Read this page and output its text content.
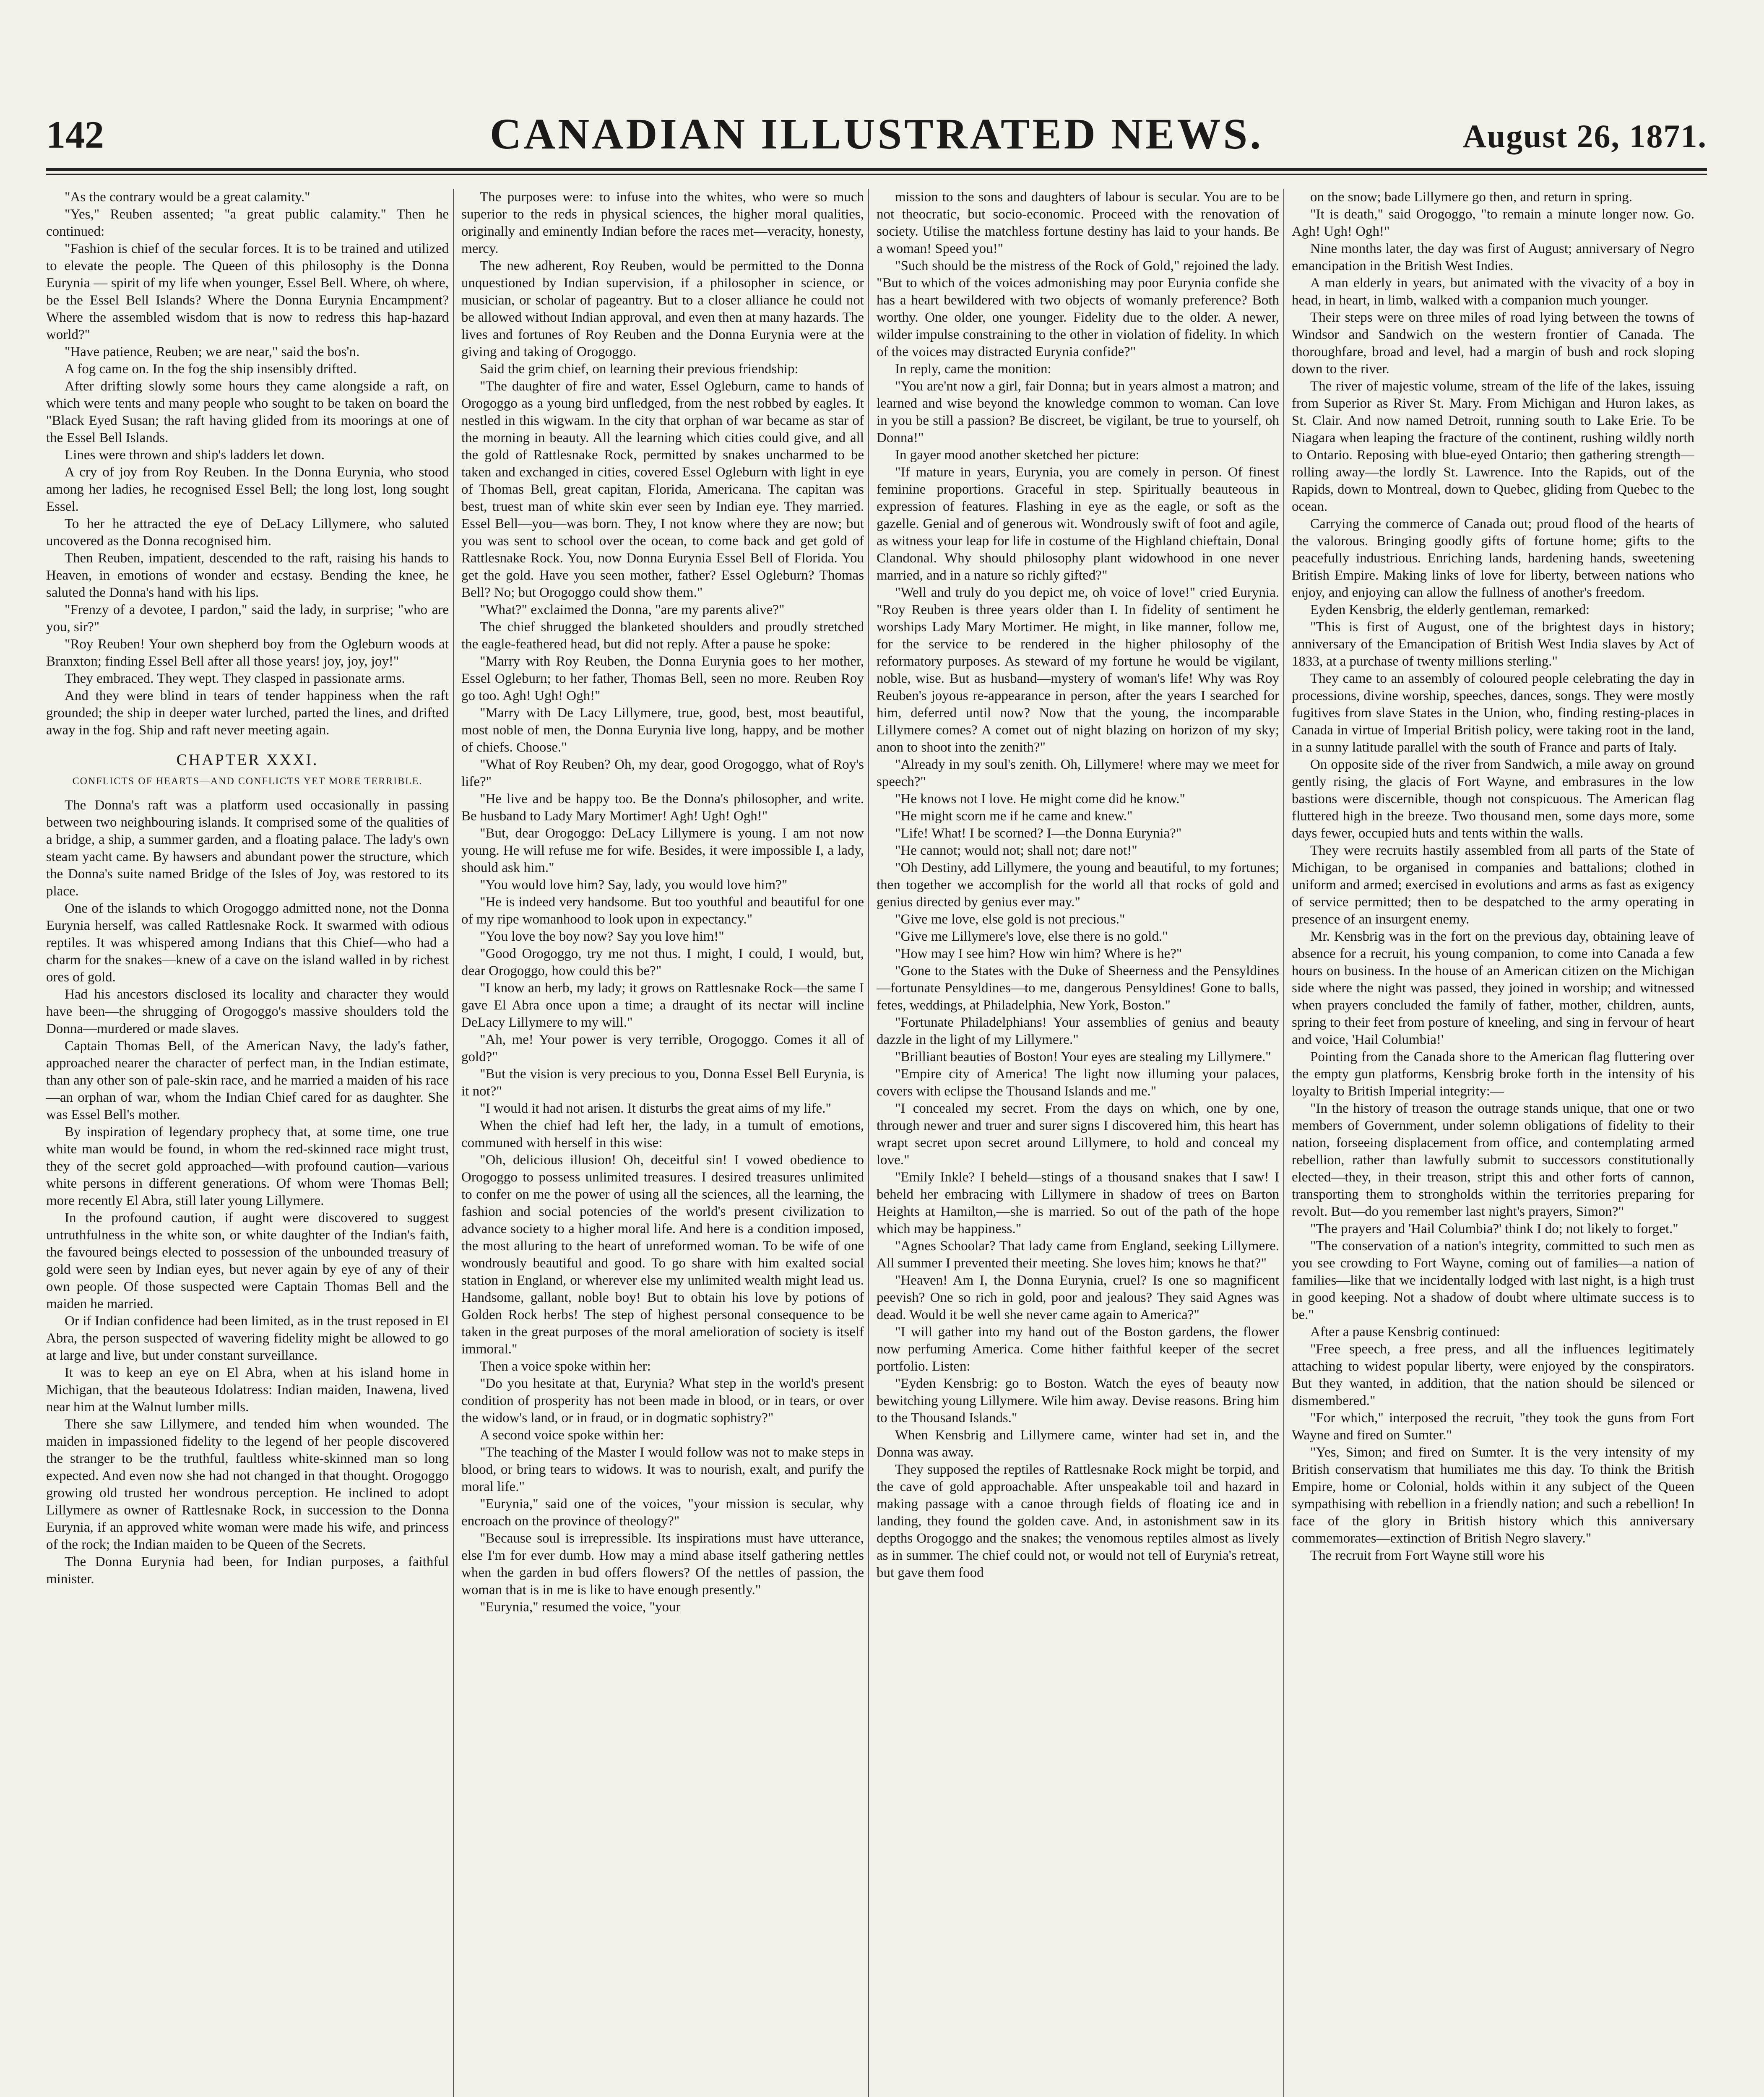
142	CANADIAN ILLUSTRATED NEWS.	August 26, 1871.

"As the contrary would be a great calamity."

"Yes," Reuben assented; "a great public calamity." Then he continued:

"Fashion is chief of the secular forces. It is to be trained and utilized to elevate the people. The Queen of this philosophy is the Donna Eurynia — spirit of my life when younger, Essel Bell. Where, oh where, be the Essel Bell Islands? Where the Donna Eurynia Encampment? Where the assembled wisdom that is now to redress this hap-hazard world?"

"Have patience, Reuben; we are near," said the bos'n.

A fog came on. In the fog the ship insensibly drifted.

After drifting slowly some hours they came alongside a raft, on which were tents and many people who sought to be taken on board the "Black Eyed Susan; the raft having glided from its moorings at one of the Essel Bell Islands.

Lines were thrown and ship's ladders let down.

A cry of joy from Roy Reuben. In the Donna Eurynia, who stood among her ladies, he recognised Essel Bell; the long lost, long sought Essel.

To her he attracted the eye of DeLacy Lillymere, who saluted uncovered as the Donna recognised him.

Then Reuben, impatient, descended to the raft, raising his hands to Heaven, in emotions of wonder and ecstasy. Bending the knee, he saluted the Donna's hand with his lips.

"Frenzy of a devotee, I pardon," said the lady, in surprise; "who are you, sir?"

"Roy Reuben! Your own shepherd boy from the Ogleburn woods at Branxton; finding Essel Bell after all those years! joy, joy, joy!"

They embraced. They wept. They clasped in passionate arms.

And they were blind in tears of tender happiness when the raft grounded; the ship in deeper water lurched, parted the lines, and drifted away in the fog. Ship and raft never meeting again.

CHAPTER XXXI.
CONFLICTS OF HEARTS—AND CONFLICTS YET MORE TERRIBLE.

The Donna's raft was a platform used occasionally in passing between two neighbouring islands. It comprised some of the qualities of a bridge, a ship, a summer garden, and a floating palace. The lady's own steam yacht came. By hawsers and abundant power the structure, which the Donna's suite named Bridge of the Isles of Joy, was restored to its place.

One of the islands to which Orogoggo admitted none, not the Donna Eurynia herself, was called Rattlesnake Rock. It swarmed with odious reptiles. It was whispered among Indians that this Chief—who had a charm for the snakes—knew of a cave on the island walled in by richest ores of gold.

Had his ancestors disclosed its locality and character they would have been—the shrugging of Orogoggo's massive shoulders told the Donna—murdered or made slaves.

Captain Thomas Bell, of the American Navy, the lady's father, approached nearer the character of perfect man, in the Indian estimate, than any other son of pale-skin race, and he married a maiden of his race—an orphan of war, whom the Indian Chief cared for as daughter. She was Essel Bell's mother.

By inspiration of legendary prophecy that, at some time, one true white man would be found, in whom the red-skinned race might trust, they of the secret gold approached—with profound caution—various white persons in different generations. Of whom were Thomas Bell; more recently El Abra, still later young Lillymere.

In the profound caution, if aught were discovered to suggest untruthfulness in the white son, or white daughter of the Indian's faith, the favoured beings elected to possession of the unbounded treasury of gold were seen by Indian eyes, but never again by eye of any of their own people. Of those suspected were Captain Thomas Bell and the maiden he married.

Or if Indian confidence had been limited, as in the trust reposed in El Abra, the person suspected of wavering fidelity might be allowed to go at large and live, but under constant surveillance.

It was to keep an eye on El Abra, when at his island home in Michigan, that the beauteous Idolatress: Indian maiden, Inawena, lived near him at the Walnut lumber mills.

There she saw Lillymere, and tended him when wounded. The maiden in impassioned fidelity to the legend of her people discovered the stranger to be the truthful, faultless white-skinned man so long expected. And even now she had not changed in that thought. Orogoggo growing old trusted her wondrous perception. He inclined to adopt Lillymere as owner of Rattlesnake Rock, in succession to the Donna Eurynia, if an approved white woman were made his wife, and princess of the rock; the Indian maiden to be Queen of the Secrets.

The Donna Eurynia had been, for Indian purposes, a faithful minister.

The purposes were: to infuse into the whites, who were so much superior to the reds in physical sciences, the higher moral qualities, originally and eminently Indian before the races met—veracity, honesty, mercy.

The new adherent, Roy Reuben, would be permitted to the Donna unquestioned by Indian supervision, if a philosopher in science, or musician, or scholar of pageantry. But to a closer alliance he could not be allowed without Indian approval, and even then at many hazards. The lives and fortunes of Roy Reuben and the Donna Eurynia were at the giving and taking of Orogoggo.

Said the grim chief, on learning their previous friendship:

"The daughter of fire and water, Essel Ogleburn, came to hands of Orogoggo as a young bird unfledged, from the nest robbed by eagles. It nestled in this wigwam. In the city that orphan of war became as star of the morning in beauty. All the learning which cities could give, and all the gold of Rattlesnake Rock, permitted by snakes uncharmed to be taken and exchanged in cities, covered Essel Ogleburn with light in eye of Thomas Bell, great capitan, Florida, Americana. The capitan was best, truest man of white skin ever seen by Indian eye. They married. Essel Bell—you—was born. They, I not know where they are now; but you was sent to school over the ocean, to come back and get gold of Rattlesnake Rock. You, now Donna Eurynia Essel Bell of Florida. You get the gold. Have you seen mother, father? Essel Ogleburn? Thomas Bell? No; but Orogoggo could show them."

"What?" exclaimed the Donna, "are my parents alive?"

The chief shrugged the blanketed shoulders and proudly stretched the eagle-feathered head, but did not reply. After a pause he spoke:

"Marry with Roy Reuben, the Donna Eurynia goes to her mother, Essel Ogleburn; to her father, Thomas Bell, seen no more. Reuben Roy go too. Agh! Ugh! Ogh!"

"Marry with De Lacy Lillymere, true, good, best, most beautiful, most noble of men, the Donna Eurynia live long, happy, and be mother of chiefs. Choose."

"What of Roy Reuben? Oh, my dear, good Orogoggo, what of Roy's life?"

"He live and be happy too. Be the Donna's philosopher, and write. Be husband to Lady Mary Mortimer! Agh! Ugh! Ogh!"

"But, dear Orogoggo: DeLacy Lillymere is young. I am not now young. He will refuse me for wife. Besides, it were impossible I, a lady, should ask him."

"You would love him? Say, lady, you would love him?"

"He is indeed very handsome. But too youthful and beautiful for one of my ripe womanhood to look upon in expectancy."

"You love the boy now? Say you love him!"

"Good Orogoggo, try me not thus. I might, I could, I would, but, dear Orogoggo, how could this be?"

"I know an herb, my lady; it grows on Rattlesnake Rock—the same I gave El Abra once upon a time; a draught of its nectar will incline DeLacy Lillymere to my will."

"Ah, me! Your power is very terrible, Orogoggo. Comes it all of gold?"

"But the vision is very precious to you, Donna Essel Bell Eurynia, is it not?"

"I would it had not arisen. It disturbs the great aims of my life."

When the chief had left her, the lady, in a tumult of emotions, communed with herself in this wise:

"Oh, delicious illusion! Oh, deceitful sin! I vowed obedience to Orogoggo to possess unlimited treasures. I desired treasures unlimited to confer on me the power of using all the sciences, all the learning, the fashion and social potencies of the world's present civilization to advance society to a higher moral life. And here is a condition imposed, the most alluring to the heart of unreformed woman. To be wife of one wondrously beautiful and good. To go share with him exalted social station in England, or wherever else my unlimited wealth might lead us. Handsome, gallant, noble boy! But to obtain his love by potions of Golden Rock herbs! The step of highest personal consequence to be taken in the great purposes of the moral amelioration of society is itself immoral."

Then a voice spoke within her:

"Do you hesitate at that, Eurynia? What step in the world's present condition of prosperity has not been made in blood, or in tears, or over the widow's land, or in fraud, or in dogmatic sophistry?"

A second voice spoke within her:

"The teaching of the Master I would follow was not to make steps in blood, or bring tears to widows. It was to nourish, exalt, and purify the moral life."

"Eurynia," said one of the voices, "your mission is secular, why encroach on the province of theology?"

"Because soul is irrepressible. Its inspirations must have utterance, else I'm for ever dumb. How may a mind abase itself gathering nettles when the garden in bud offers flowers? Of the nettles of passion, the woman that is in me is like to have enough presently."

"Eurynia," resumed the voice, "your

mission to the sons and daughters of labour is secular. You are to be not theocratic, but socio-economic. Proceed with the renovation of society. Utilise the matchless fortune destiny has laid to your hands. Be a woman! Speed you!"

"Such should be the mistress of the Rock of Gold," rejoined the lady. "But to which of the voices admonishing may poor Eurynia confide she has a heart bewildered with two objects of womanly preference? Both worthy. One older, one younger. Fidelity due to the older. A newer, wilder impulse constraining to the other in violation of fidelity. In which of the voices may distracted Eurynia confide?"

In reply, came the monition:

"You are'nt now a girl, fair Donna; but in years almost a matron; and learned and wise beyond the knowledge common to woman. Can love in you be still a passion? Be discreet, be vigilant, be true to yourself, oh Donna!"

In gayer mood another sketched her picture:

"If mature in years, Eurynia, you are comely in person. Of finest feminine proportions. Graceful in step. Spiritually beauteous in expression of features. Flashing in eye as the eagle, or soft as the gazelle. Genial and of generous wit. Wondrously swift of foot and agile, as witness your leap for life in costume of the Highland chieftain, Donal Clandonal. Why should philosophy plant widowhood in one never married, and in a nature so richly gifted?"

"Well and truly do you depict me, oh voice of love!" cried Eurynia. "Roy Reuben is three years older than I. In fidelity of sentiment he worships Lady Mary Mortimer. He might, in like manner, follow me, for the service to be rendered in the higher philosophy of the reformatory purposes. As steward of my fortune he would be vigilant, noble, wise. But as husband—mystery of woman's life! Why was Roy Reuben's joyous re-appearance in person, after the years I searched for him, deferred until now? Now that the young, the incomparable Lillymere comes? A comet out of night blazing on horizon of my sky; anon to shoot into the zenith?"

"Already in my soul's zenith. Oh, Lillymere! where may we meet for speech?"

"He knows not I love. He might come did he know."

"He might scorn me if he came and knew."

"Life! What! I be scorned? I—the Donna Eurynia?"

"He cannot; would not; shall not; dare not!"

"Oh Destiny, add Lillymere, the young and beautiful, to my fortunes; then together we accomplish for the world all that rocks of gold and genius directed by genius ever may."

"Give me love, else gold is not precious."

"Give me Lillymere's love, else there is no gold."

"How may I see him? How win him? Where is he?"

"Gone to the States with the Duke of Sheerness and the Pensyldines—fortunate Pensyldines—to me, dangerous Pensyldines! Gone to balls, fetes, weddings, at Philadelphia, New York, Boston."

"Fortunate Philadelphians! Your assemblies of genius and beauty dazzle in the light of my Lillymere."

"Brilliant beauties of Boston! Your eyes are stealing my Lillymere."

"Empire city of America! The light now illuming your palaces, covers with eclipse the Thousand Islands and me."

"I concealed my secret. From the days on which, one by one, through newer and truer and surer signs I discovered him, this heart has wrapt secret upon secret around Lillymere, to hold and conceal my love."

"Emily Inkle? I beheld—stings of a thousand snakes that I saw! I beheld her embracing with Lillymere in shadow of trees on Barton Heights at Hamilton,—she is married. So out of the path of the hope which may be happiness."

"Agnes Schoolar? That lady came from England, seeking Lillymere. All summer I prevented their meeting. She loves him; knows he that?"

"Heaven! Am I, the Donna Eurynia, cruel? Is one so magnificent peevish? One so rich in gold, poor and jealous? They said Agnes was dead. Would it be well she never came again to America?"

"I will gather into my hand out of the Boston gardens, the flower now perfuming America. Come hither faithful keeper of the secret portfolio. Listen:

"Eyden Kensbrig: go to Boston. Watch the eyes of beauty now bewitching young Lillymere. Wile him away. Devise reasons. Bring him to the Thousand Islands."

When Kensbrig and Lillymere came, winter had set in, and the Donna was away.

They supposed the reptiles of Rattlesnake Rock might be torpid, and the cave of gold approachable. After unspeakable toil and hazard in making passage with a canoe through fields of floating ice and in landing, they found the golden cave. And, in astonishment saw in its depths Orogoggo and the snakes; the venomous reptiles almost as lively as in summer. The chief could not, or would not tell of Eurynia's retreat, but gave them food

on the snow; bade Lillymere go then, and return in spring.

"It is death," said Orogoggo, "to remain a minute longer now. Go. Agh! Ugh! Ogh!"

Nine months later, the day was first of August; anniversary of Negro emancipation in the British West Indies.

A man elderly in years, but animated with the vivacity of a boy in head, in heart, in limb, walked with a companion much younger.

Their steps were on three miles of road lying between the towns of Windsor and Sandwich on the western frontier of Canada. The thoroughfare, broad and level, had a margin of bush and rock sloping down to the river.

The river of majestic volume, stream of the life of the lakes, issuing from Superior as River St. Mary. From Michigan and Huron lakes, as St. Clair. And now named Detroit, running south to Lake Erie. To be Niagara when leaping the fracture of the continent, rushing wildly north to Ontario. Reposing with blue-eyed Ontario; then gathering strength—rolling away—the lordly St. Lawrence. Into the Rapids, out of the Rapids, down to Montreal, down to Quebec, gliding from Quebec to the ocean.

Carrying the commerce of Canada out; proud flood of the hearts of the valorous. Bringing goodly gifts of fortune home; gifts to the peacefully industrious. Enriching lands, hardening hands, sweetening British Empire. Making links of love for liberty, between nations who enjoy, and enjoying can allow the fullness of another's freedom.

Eyden Kensbrig, the elderly gentleman, remarked:

"This is first of August, one of the brightest days in history; anniversary of the Emancipation of British West India slaves by Act of 1833, at a purchase of twenty millions sterling."

They came to an assembly of coloured people celebrating the day in processions, divine worship, speeches, dances, songs. They were mostly fugitives from slave States in the Union, who, finding resting-places in Canada in virtue of Imperial British policy, were taking root in the land, in a sunny latitude parallel with the south of France and parts of Italy.

On opposite side of the river from Sandwich, a mile away on ground gently rising, the glacis of Fort Wayne, and embrasures in the low bastions were discernible, though not conspicuous. The American flag fluttered high in the breeze. Two thousand men, some days more, some days fewer, occupied huts and tents within the walls.

They were recruits hastily assembled from all parts of the State of Michigan, to be organised in companies and battalions; clothed in uniform and armed; exercised in evolutions and arms as fast as exigency of service permitted; then to be despatched to the army operating in presence of an insurgent enemy.

Mr. Kensbrig was in the fort on the previous day, obtaining leave of absence for a recruit, his young companion, to come into Canada a few hours on business. In the house of an American citizen on the Michigan side where the night was passed, they joined in worship; and witnessed when prayers concluded the family of father, mother, children, aunts, spring to their feet from posture of kneeling, and sing in fervour of heart and voice, 'Hail Columbia!'

Pointing from the Canada shore to the American flag fluttering over the empty gun platforms, Kensbrig broke forth in the intensity of his loyalty to British Imperial integrity:—

"In the history of treason the outrage stands unique, that one or two members of Government, under solemn obligations of fidelity to their nation, forseeing displacement from office, and contemplating armed rebellion, rather than lawfully submit to successors constitutionally elected—they, in their treason, stript this and other forts of cannon, transporting them to strongholds within the territories preparing for revolt. But—do you remember last night's prayers, Simon?"

"The prayers and 'Hail Columbia?' think I do; not likely to forget."

"The conservation of a nation's integrity, committed to such men as you see crowding to Fort Wayne, coming out of families—a nation of families—like that we incidentally lodged with last night, is a high trust in good keeping. Not a shadow of doubt where ultimate success is to be."

After a pause Kensbrig continued:

"Free speech, a free press, and all the influences legitimately attaching to widest popular liberty, were enjoyed by the conspirators. But they wanted, in addition, that the nation should be silenced or dismembered."

"For which," interposed the recruit, "they took the guns from Fort Wayne and fired on Sumter."

"Yes, Simon; and fired on Sumter. It is the very intensity of my British conservatism that humiliates me this day. To think the British Empire, home or Colonial, holds within it any subject of the Queen sympathising with rebellion in a friendly nation; and such a rebellion! In face of the glory in British history which this anniversary commemorates—extinction of British Negro slavery."

The recruit from Fort Wayne still wore his
